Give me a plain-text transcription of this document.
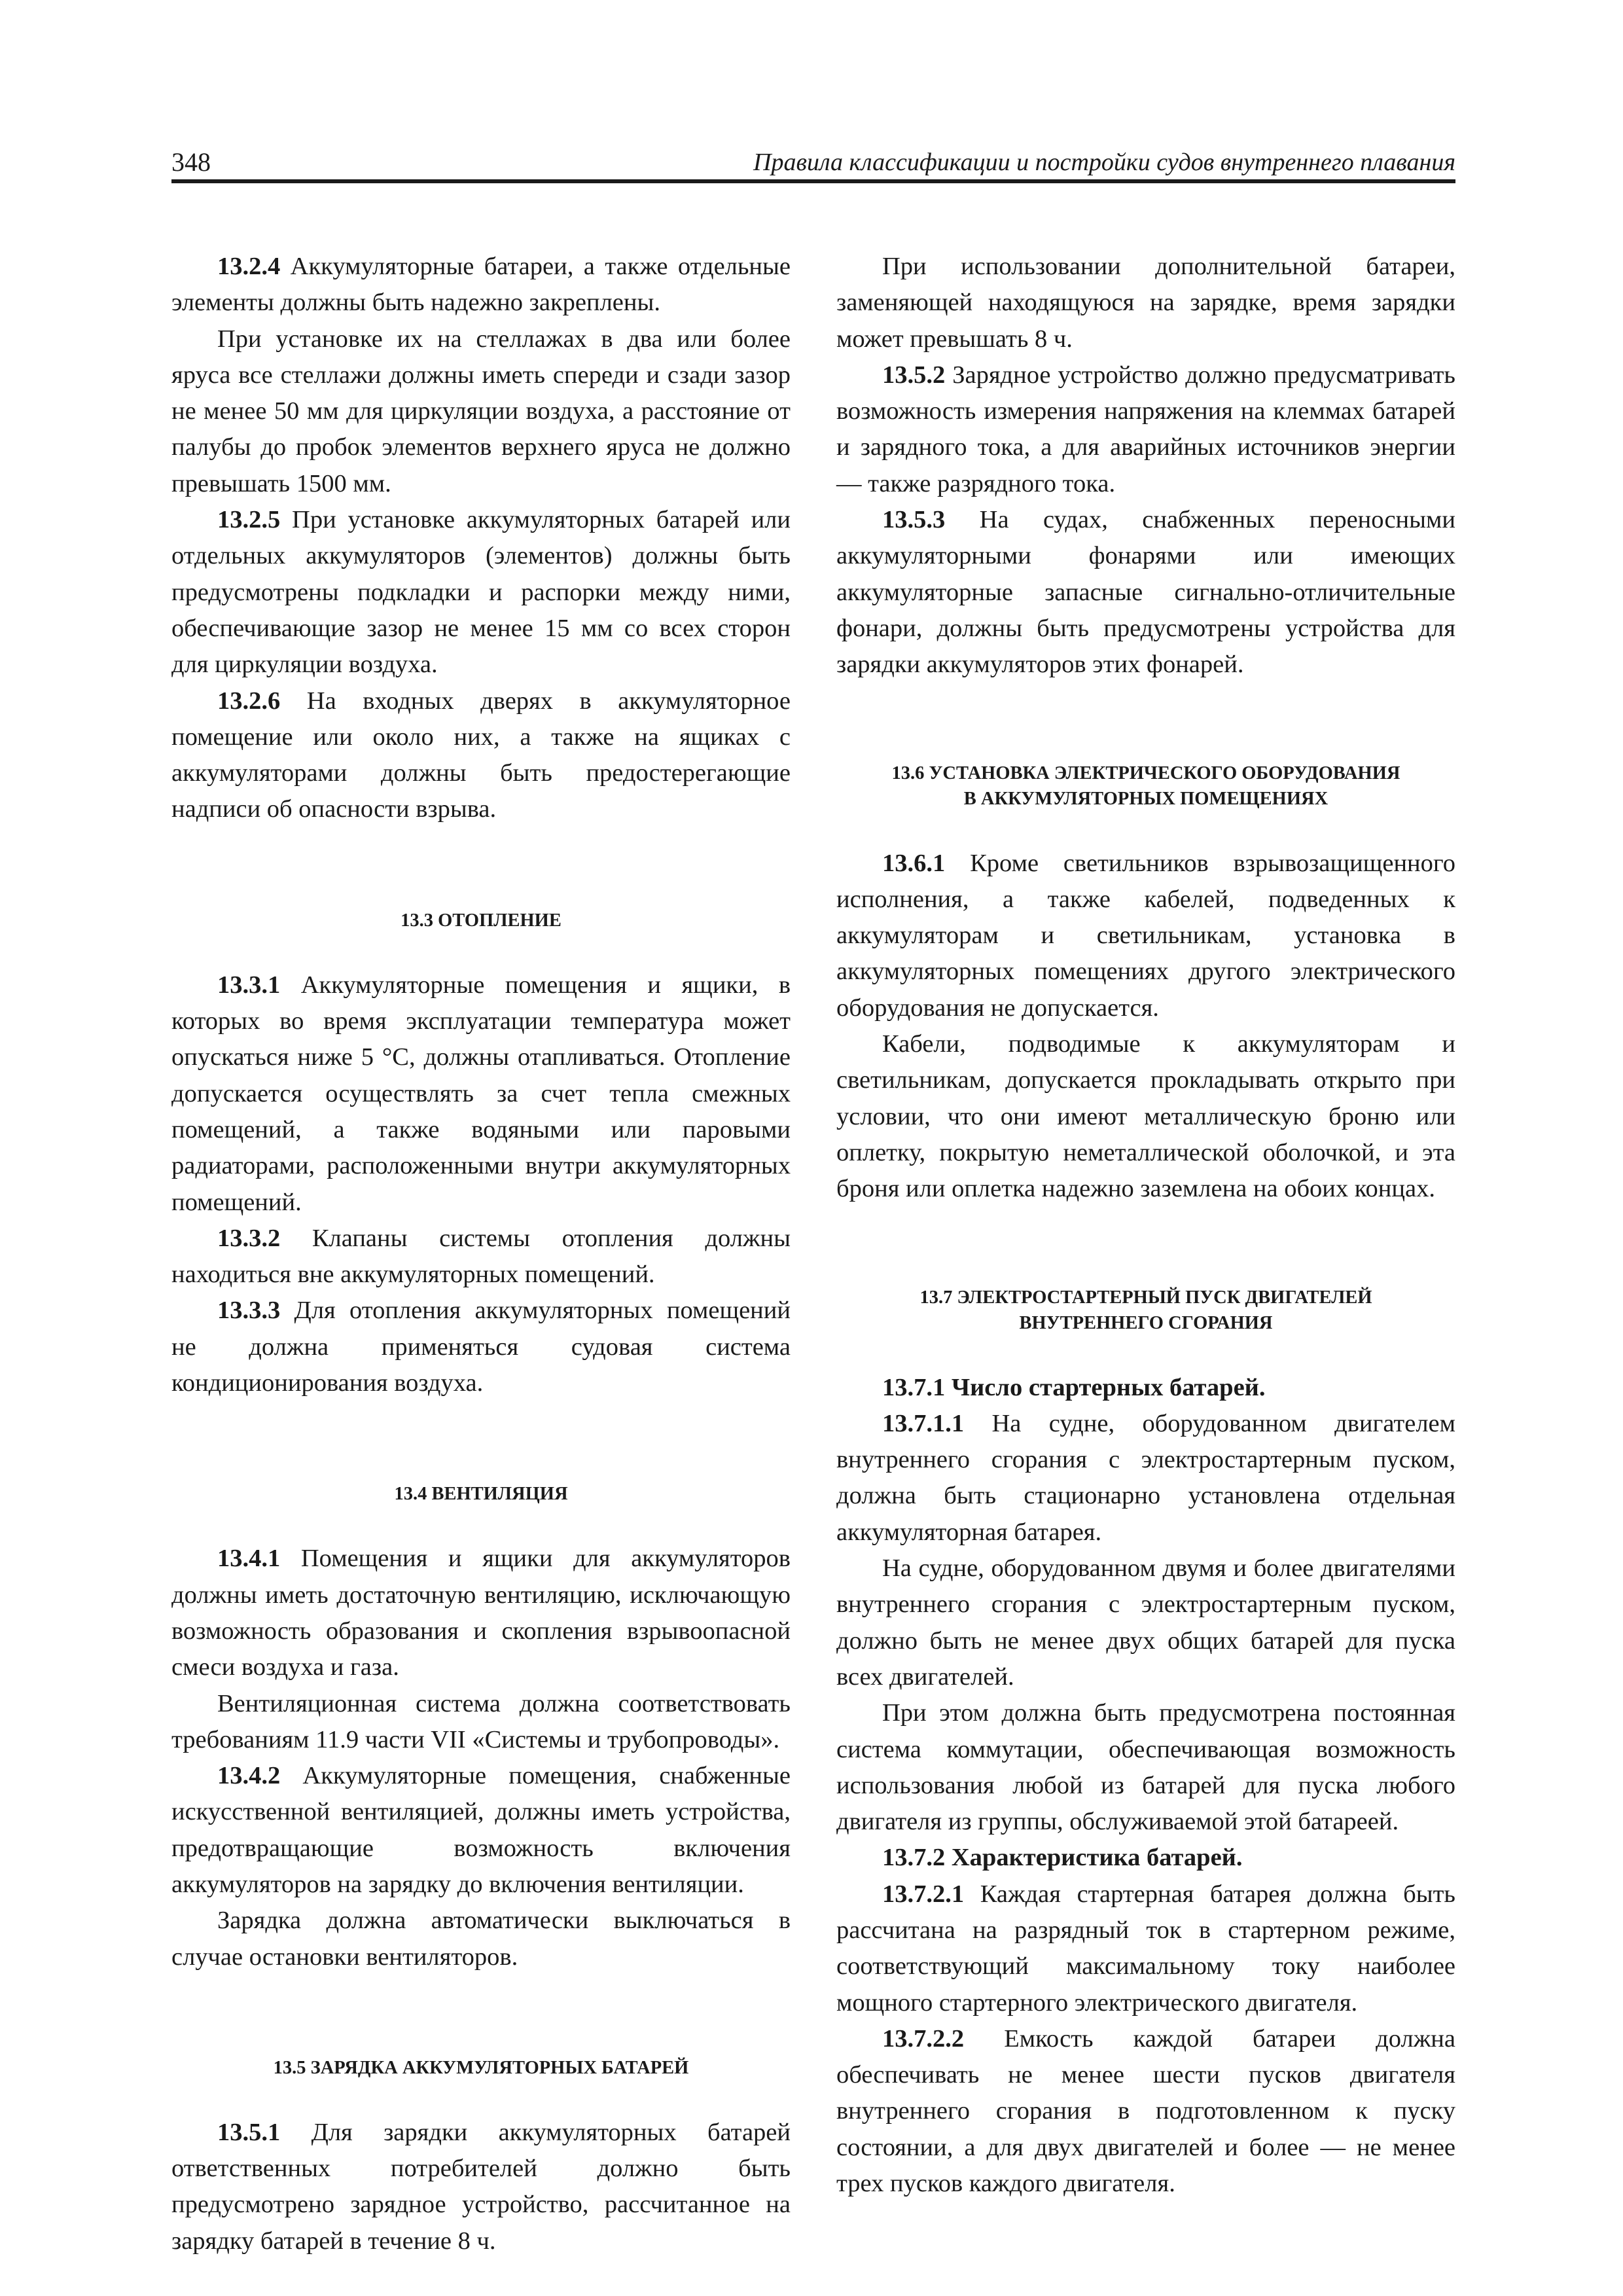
348	Правила классификации и постройки судов внутреннего плавания

13.2.4 Аккумуляторные батареи, а также отдельные элементы должны быть надежно закреплены.

При установке их на стеллажах в два или более яруса все стеллажи должны иметь спереди и сзади зазор не менее 50 мм для циркуляции воздуха, а расстояние от палубы до пробок элементов верхнего яруса не должно превышать 1500 мм.

13.2.5 При установке аккумуляторных батарей или отдельных аккумуляторов (элементов) должны быть предусмотрены подкладки и распорки между ними, обеспечивающие зазор не менее 15 мм со всех сторон для циркуляции воздуха.

13.2.6 На входных дверях в аккумуляторное помещение или около них, а также на ящиках с аккумуляторами должны быть предостерегающие надписи об опасности взрыва.

13.3 ОТОПЛЕНИЕ

13.3.1 Аккумуляторные помещения и ящики, в которых во время эксплуатации температура может опускаться ниже 5 °С, должны отапливаться. Отопление допускается осуществлять за счет тепла смежных помещений, а также водяными или паровыми радиаторами, расположенными внутри аккумуляторных помещений.

13.3.2 Клапаны системы отопления должны находиться вне аккумуляторных помещений.

13.3.3 Для отопления аккумуляторных помещений не должна применяться судовая система кондиционирования воздуха.

13.4 ВЕНТИЛЯЦИЯ

13.4.1 Помещения и ящики для аккумуляторов должны иметь достаточную вентиляцию, исключающую возможность образования и скопления взрывоопасной смеси воздуха и газа.

Вентиляционная система должна соответствовать требованиям 11.9 части VII «Системы и трубопроводы».

13.4.2 Аккумуляторные помещения, снабженные искусственной вентиляцией, должны иметь устройства, предотвращающие возможность включения аккумуляторов на зарядку до включения вентиляции.

Зарядка должна автоматически выключаться в случае остановки вентиляторов.

13.5 ЗАРЯДКА АККУМУЛЯТОРНЫХ БАТАРЕЙ

13.5.1 Для зарядки аккумуляторных батарей ответственных потребителей должно быть предусмотрено зарядное устройство, рассчитанное на зарядку батарей в течение 8 ч.

При использовании дополнительной батареи, заменяющей находящуюся на зарядке, время зарядки может превышать 8 ч.

13.5.2 Зарядное устройство должно предусматривать возможность измерения напряжения на клеммах батарей и зарядного тока, а для аварийных источников энергии — также разрядного тока.

13.5.3 На судах, снабженных переносными аккумуляторными фонарями или имеющих аккумуляторные запасные сигнально-отличительные фонари, должны быть предусмотрены устройства для зарядки аккумуляторов этих фонарей.

13.6 УСТАНОВКА ЭЛЕКТРИЧЕСКОГО ОБОРУДОВАНИЯ

В АККУМУЛЯТОРНЫХ ПОМЕЩЕНИЯХ

13.6.1 Кроме светильников взрывозащищенного исполнения, а также кабелей, подведенных к аккумуляторам и светильникам, установка в аккумуляторных помещениях другого электрического оборудования не допускается.

Кабели, подводимые к аккумуляторам и светильникам, допускается прокладывать открыто при условии, что они имеют металлическую броню или оплетку, покрытую неметаллической оболочкой, и эта броня или оплетка надежно заземлена на обоих концах.

13.7 ЭЛЕКТРОСТАРТЕРНЫЙ ПУСК ДВИГАТЕЛЕЙ

ВНУТРЕННЕГО СГОРАНИЯ

13.7.1 Число стартерных батарей.

13.7.1.1 На судне, оборудованном двигателем внутреннего сгорания с электростартерным пуском, должна быть стационарно установлена отдельная аккумуляторная батарея.

На судне, оборудованном двумя и более двигателями внутреннего сгорания с электростартерным пуском, должно быть не менее двух общих батарей для пуска всех двигателей.

При этом должна быть предусмотрена постоянная система коммутации, обеспечивающая возможность использования любой из батарей для пуска любого двигателя из группы, обслуживаемой этой батареей.

13.7.2 Характеристика батарей.

13.7.2.1 Каждая стартерная батарея должна быть рассчитана на разрядный ток в стартерном режиме, соответствующий максимальному току наиболее мощного стартерного электрического двигателя.

13.7.2.2 Емкость каждой батареи должна обеспечивать не менее шести пусков двигателя внутреннего сгорания в подготовленном к пуску состоянии, а для двух двигателей и более — не менее трех пусков каждого двигателя.
